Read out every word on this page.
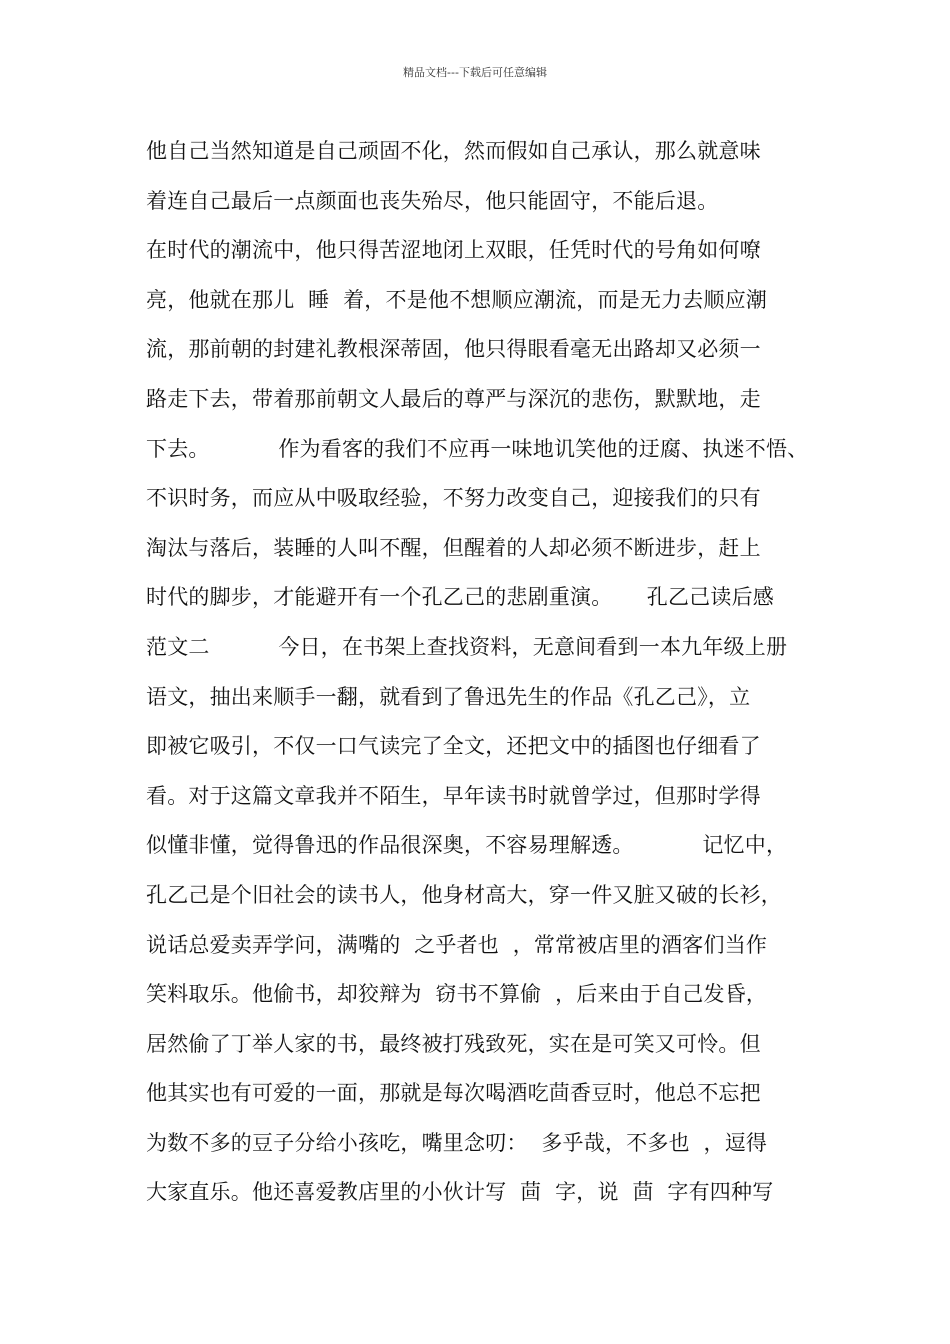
精品文档---下载后可任意编辑
他自己当然知道是自己顽固不化，然而假如自己承认，那么就意味
着连自己最后一点颜面也丧失殆尽，他只能固守，不能后退。
在时代的潮流中，他只得苦涩地闭上双眼，任凭时代的号角如何嘹
亮，他就在那儿  睡  着，不是他不想顺应潮流，而是无力去顺应潮
流，那前朝的封建礼教根深蒂固，他只得眼看毫无出路却又必须一
路走下去，带着那前朝文人最后的尊严与深沉的悲伤，默默地，走
下去。          作为看客的我们不应再一味地讥笑他的迂腐、执迷不悟、
不识时务，而应从中吸取经验，不努力改变自己，迎接我们的只有
淘汰与落后，装睡的人叫不醒，但醒着的人却必须不断进步，赶上
时代的脚步，才能避开有一个孔乙己的悲剧重演。     孔乙己读后感
范文二          今日，在书架上查找资料，无意间看到一本九年级上册
语文，抽出来顺手一翻，就看到了鲁迅先生的作品《孔乙己》，立
即被它吸引，不仅一口气读完了全文，还把文中的插图也仔细看了
看。对于这篇文章我并不陌生，早年读书时就曾学过，但那时学得
似懂非懂，觉得鲁迅的作品很深奥，不容易理解透。          记忆中，
孔乙己是个旧社会的读书人，他身材高大，穿一件又脏又破的长衫，
说话总爱卖弄学问，满嘴的  之乎者也  ，常常被店里的酒客们当作
笑料取乐。他偷书，却狡辩为  窃书不算偷  ，后来由于自己发昏，
居然偷了丁举人家的书，最终被打残致死，实在是可笑又可怜。但
他其实也有可爱的一面，那就是每次喝酒吃茴香豆时，他总不忘把
为数不多的豆子分给小孩吃，嘴里念叨：  多乎哉，不多也  ，逗得
大家直乐。他还喜爱教店里的小伙计写  茴  字，说  茴  字有四种写
